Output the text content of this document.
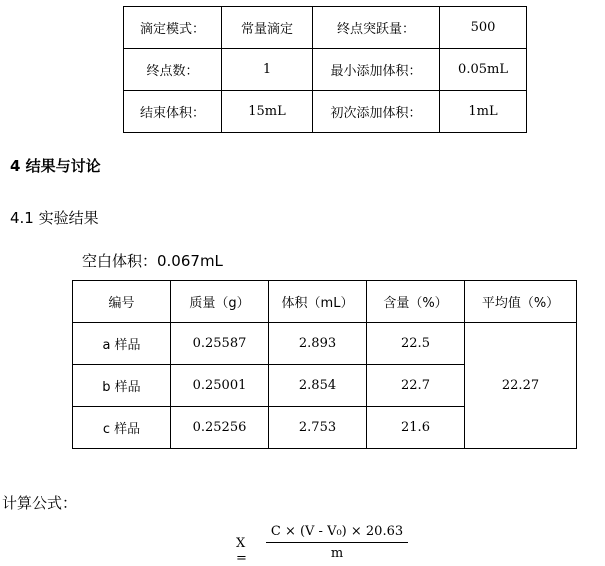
滴定模式：	常量滴定	终点突跃量：	500
终点数：	1	最小添加体积：	0.05mL
结束体积：	15mL	初次添加体积：	1mL
4 结果与讨论
4.1 实验结果
空白体积：0.067mL
编号	质量（g）	体积（mL）	含量（%）	平均值（%）
a 样品	0.25587	2.893	22.5	22.27
b 样品	0.25001	2.854	22.7	
c 样品	0.25256	2.753	21.6	
计算公式：
$X = \frac{\text{C × (V - V₀) × 20.63}}{m}$
